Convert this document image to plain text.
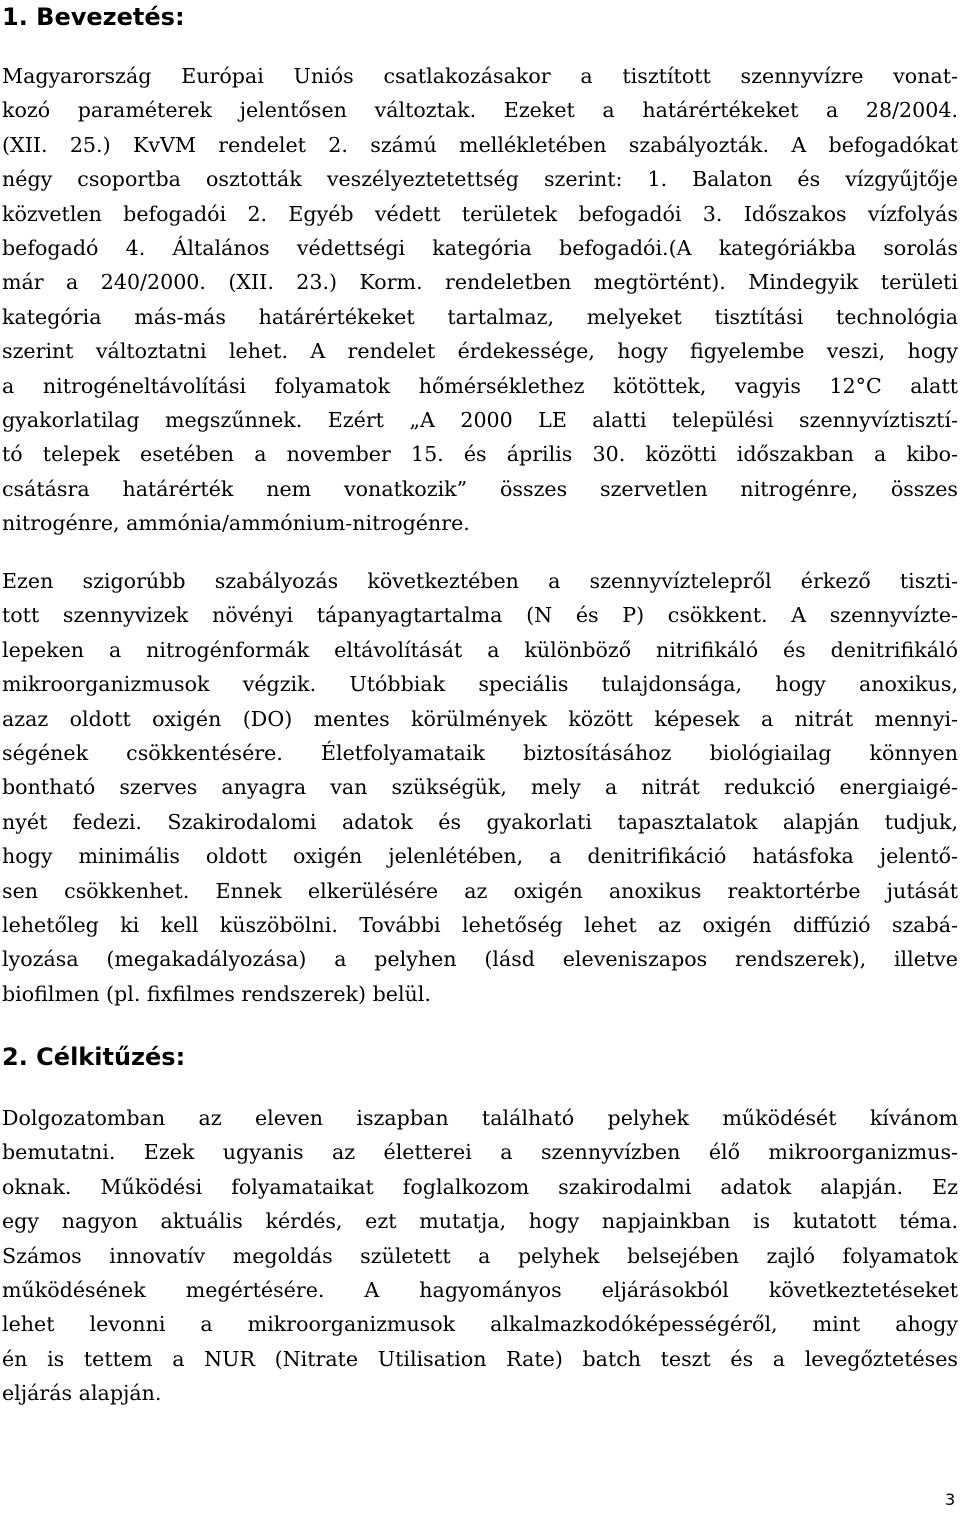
1. Bevezetés:
Magyarország Európai Uniós csatlakozásakor a tisztított szennyvízre vonat-
kozó paraméterek jelentősen változtak. Ezeket a határértékeket a 28/2004.
(XII. 25.) KvVM rendelet 2. számú mellékletében szabályozták. A befogadókat
négy csoportba osztották veszélyeztetettség szerint: 1. Balaton és vízgyűjtője
közvetlen befogadói 2. Egyéb védett területek befogadói 3. Időszakos vízfolyás
befogadó 4. Általános védettségi kategória befogadói.(A kategóriákba sorolás
már a 240/2000. (XII. 23.) Korm. rendeletben megtörtént). Mindegyik területi
kategória más-más határértékeket tartalmaz, melyeket tisztítási technológia
szerint változtatni lehet. A rendelet érdekessége, hogy figyelembe veszi, hogy
a nitrogéneltávolítási folyamatok hőmérséklethez kötöttek, vagyis 12°C alatt
gyakorlatilag megszűnnek. Ezért „A 2000 LE alatti települési szennyvíztisztí-
tó telepek esetében a november 15. és április 30. közötti időszakban a kibo-
csátásra határérték nem vonatkozik” összes szervetlen nitrogénre, összes
nitrogénre, ammónia/ammónium-nitrogénre.
Ezen szigorúbb szabályozás következtében a szennyvíztelepről érkező tiszti-
tott szennyvizek növényi tápanyagtartalma (N és P) csökkent. A szennyvízte-
lepeken a nitrogénformák eltávolítását a különböző nitrifikáló és denitrifikáló
mikroorganizmusok végzik. Utóbbiak speciális tulajdonsága, hogy anoxikus,
azaz oldott oxigén (DO) mentes körülmények között képesek a nitrát mennyi-
ségének csökkentésére. Életfolyamataik biztosításához biológiailag könnyen
bontható szerves anyagra van szükségük, mely a nitrát redukció energiaigé-
nyét fedezi. Szakirodalomi adatok és gyakorlati tapasztalatok alapján tudjuk,
hogy minimális oldott oxigén jelenlétében, a denitrifikáció hatásfoka jelentő-
sen csökkenhet. Ennek elkerülésére az oxigén anoxikus reaktortérbe jutását
lehetőleg ki kell küszöbölni. További lehetőség lehet az oxigén diffúzió szabá-
lyozása (megakadályozása) a pelyhen (lásd eleveniszapos rendszerek), illetve
biofilmen (pl. fixfilmes rendszerek) belül.
2. Célkitűzés:
Dolgozatomban az eleven iszapban található pelyhek működését kívánom
bemutatni. Ezek ugyanis az életterei a szennyvízben élő mikroorganizmus-
oknak. Működési folyamataikat foglalkozom szakirodalmi adatok alapján. Ez
egy nagyon aktuális kérdés, ezt mutatja, hogy napjainkban is kutatott téma.
Számos innovatív megoldás született a pelyhek belsejében zajló folyamatok
működésének megértésére. A hagyományos eljárásokból következtetéseket
lehet levonni a mikroorganizmusok alkalmazkodóképességéről, mint ahogy
én is tettem a NUR (Nitrate Utilisation Rate) batch teszt és a levegőztetéses
eljárás alapján.
3
